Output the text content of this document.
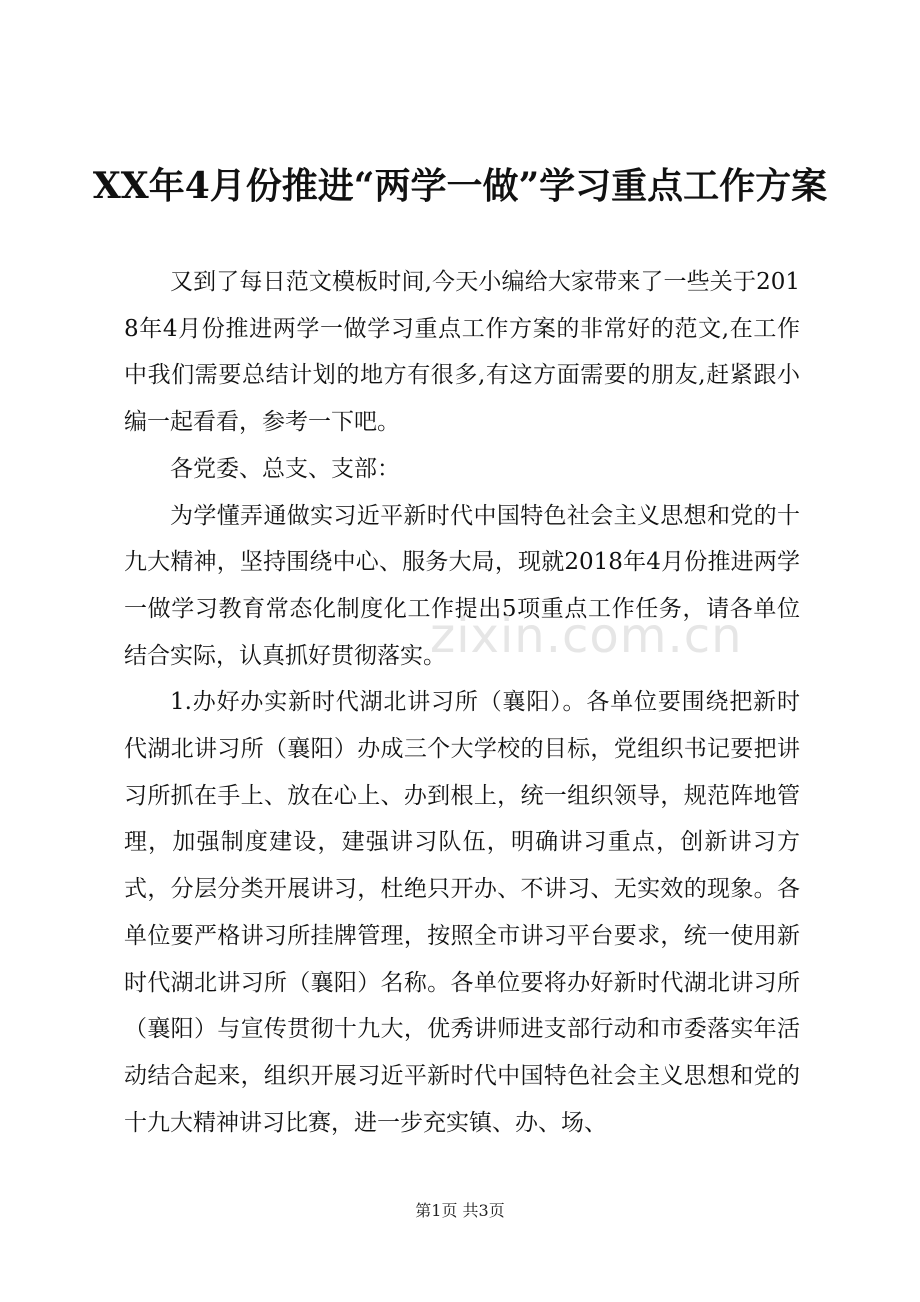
XX年4月份推进“两学一做”学习重点工作方案

又到了每日范文模板时间,今天小编给大家带来了一些关于2018年4月份推进两学一做学习重点工作方案的非常好的范文,在工作中我们需要总结计划的地方有很多,有这方面需要的朋友,赶紧跟小编一起看看，参考一下吧。

各党委、总支、支部：

为学懂弄通做实习近平新时代中国特色社会主义思想和党的十九大精神，坚持围绕中心、服务大局，现就2018年4月份推进两学一做学习教育常态化制度化工作提出5项重点工作任务，请各单位结合实际，认真抓好贯彻落实。

1.办好办实新时代湖北讲习所（襄阳）。各单位要围绕把新时代湖北讲习所（襄阳）办成三个大学校的目标，党组织书记要把讲习所抓在手上、放在心上、办到根上，统一组织领导，规范阵地管理，加强制度建设，建强讲习队伍，明确讲习重点，创新讲习方式，分层分类开展讲习，杜绝只开办、不讲习、无实效的现象。各单位要严格讲习所挂牌管理，按照全市讲习平台要求，统一使用新时代湖北讲习所（襄阳）名称。各单位要将办好新时代湖北讲习所（襄阳）与宣传贯彻十九大，优秀讲师进支部行动和市委落实年活动结合起来，组织开展习近平新时代中国特色社会主义思想和党的十九大精神讲习比赛，进一步充实镇、办、场、

zixin.com.cn
第1页 共3页
